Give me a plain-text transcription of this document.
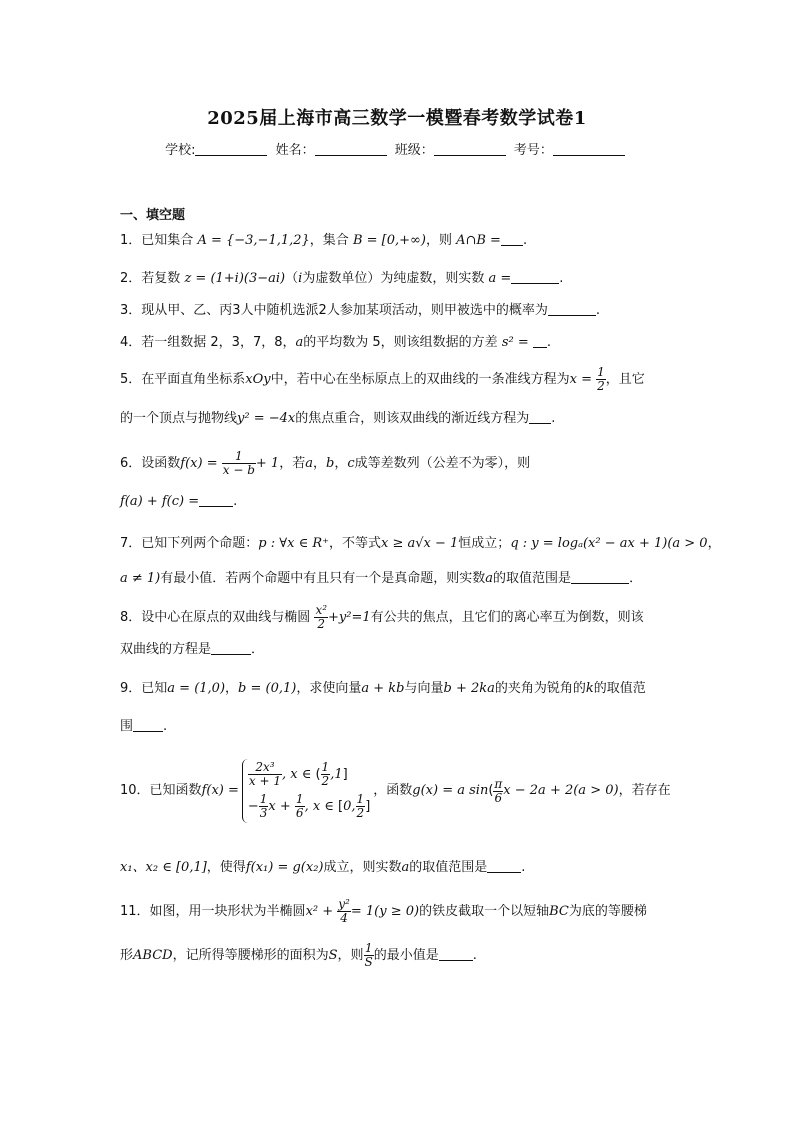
2025届上海市高三数学一模暨春考数学试卷1
学校:	姓名：	班级：	考号：
一、填空题
1．已知集合 A = {−3,−1,1,2}，集合 B = [0,+∞)，则 A∩B = .
2．若复数 z = (1+i)(3−ai)（i为虚数单位）为纯虚数，则实数 a =	.
3．现从甲、乙、丙3人中随机选派2人参加某项活动，则甲被选中的概率为	.
4．若一组数据 2，3，7，8，a的平均数为 5，则该组数据的方差 s² = .
5．在平面直角坐标系xOy中，若中心在坐标原点上的双曲线的一条准线方程为$x = \frac{1}{2}$ ，且它
的一个顶点与抛物线y² = −4x的焦点重合，则该双曲线的渐近线方程为 .
6．设函数$f(x) = \frac{1}{x - b} + 1$，若a，b，c成等差数列（公差不为零），则
f(a) + f(c) =	.
7．已知下列两个命题：p : ∀x ∈ R⁺，不等式x ≥ a√x − 1恒成立；q : y = logₐ(x² − ax + 1)(a > 0，
a ≠ 1)有最小值．若两个命题中有且只有一个是真命题，则实数a的取值范围是	．
8．设中心在原点的双曲线与椭圆 $\frac{\text{x²}}{2} +y^2=1$有公共的焦点，且它们的离心率互为倒数，则该
双曲线的方程是	．
9．已知a = (1,0)，b = (0,1)，求使向量a + kb与向量b + 2ka的夹角为锐角的k的取值范
围 .
10． 已知函数 f(x) =
$\frac{\text{2x³}}{x + 1}$ , x ∈ ( $\frac{1}{2} ,1$]
− $\frac{1}{3}$ $x + \frac{1}{6}$ , x ∈ [0, $\frac{1}{2}$ ]
，函数 g(x) = a sin ( $\frac{\pi}{6}$ x − 2a + 2(a > 0) ，若存在
x₁、x₂ ∈ [0,1]，使得f(x₁) = g(x₂)成立，则实数a的取值范围是	.
11．如图，用一块形状为半椭圆$x^2 + \frac{\text{y²}}{4} = 1(y \ge 0)$的铁皮截取一个以短轴BC为底的等腰梯
形ABCD，记所得等腰梯形的面积为S，则 $\frac{1}{S}$ 的最小值是	.
